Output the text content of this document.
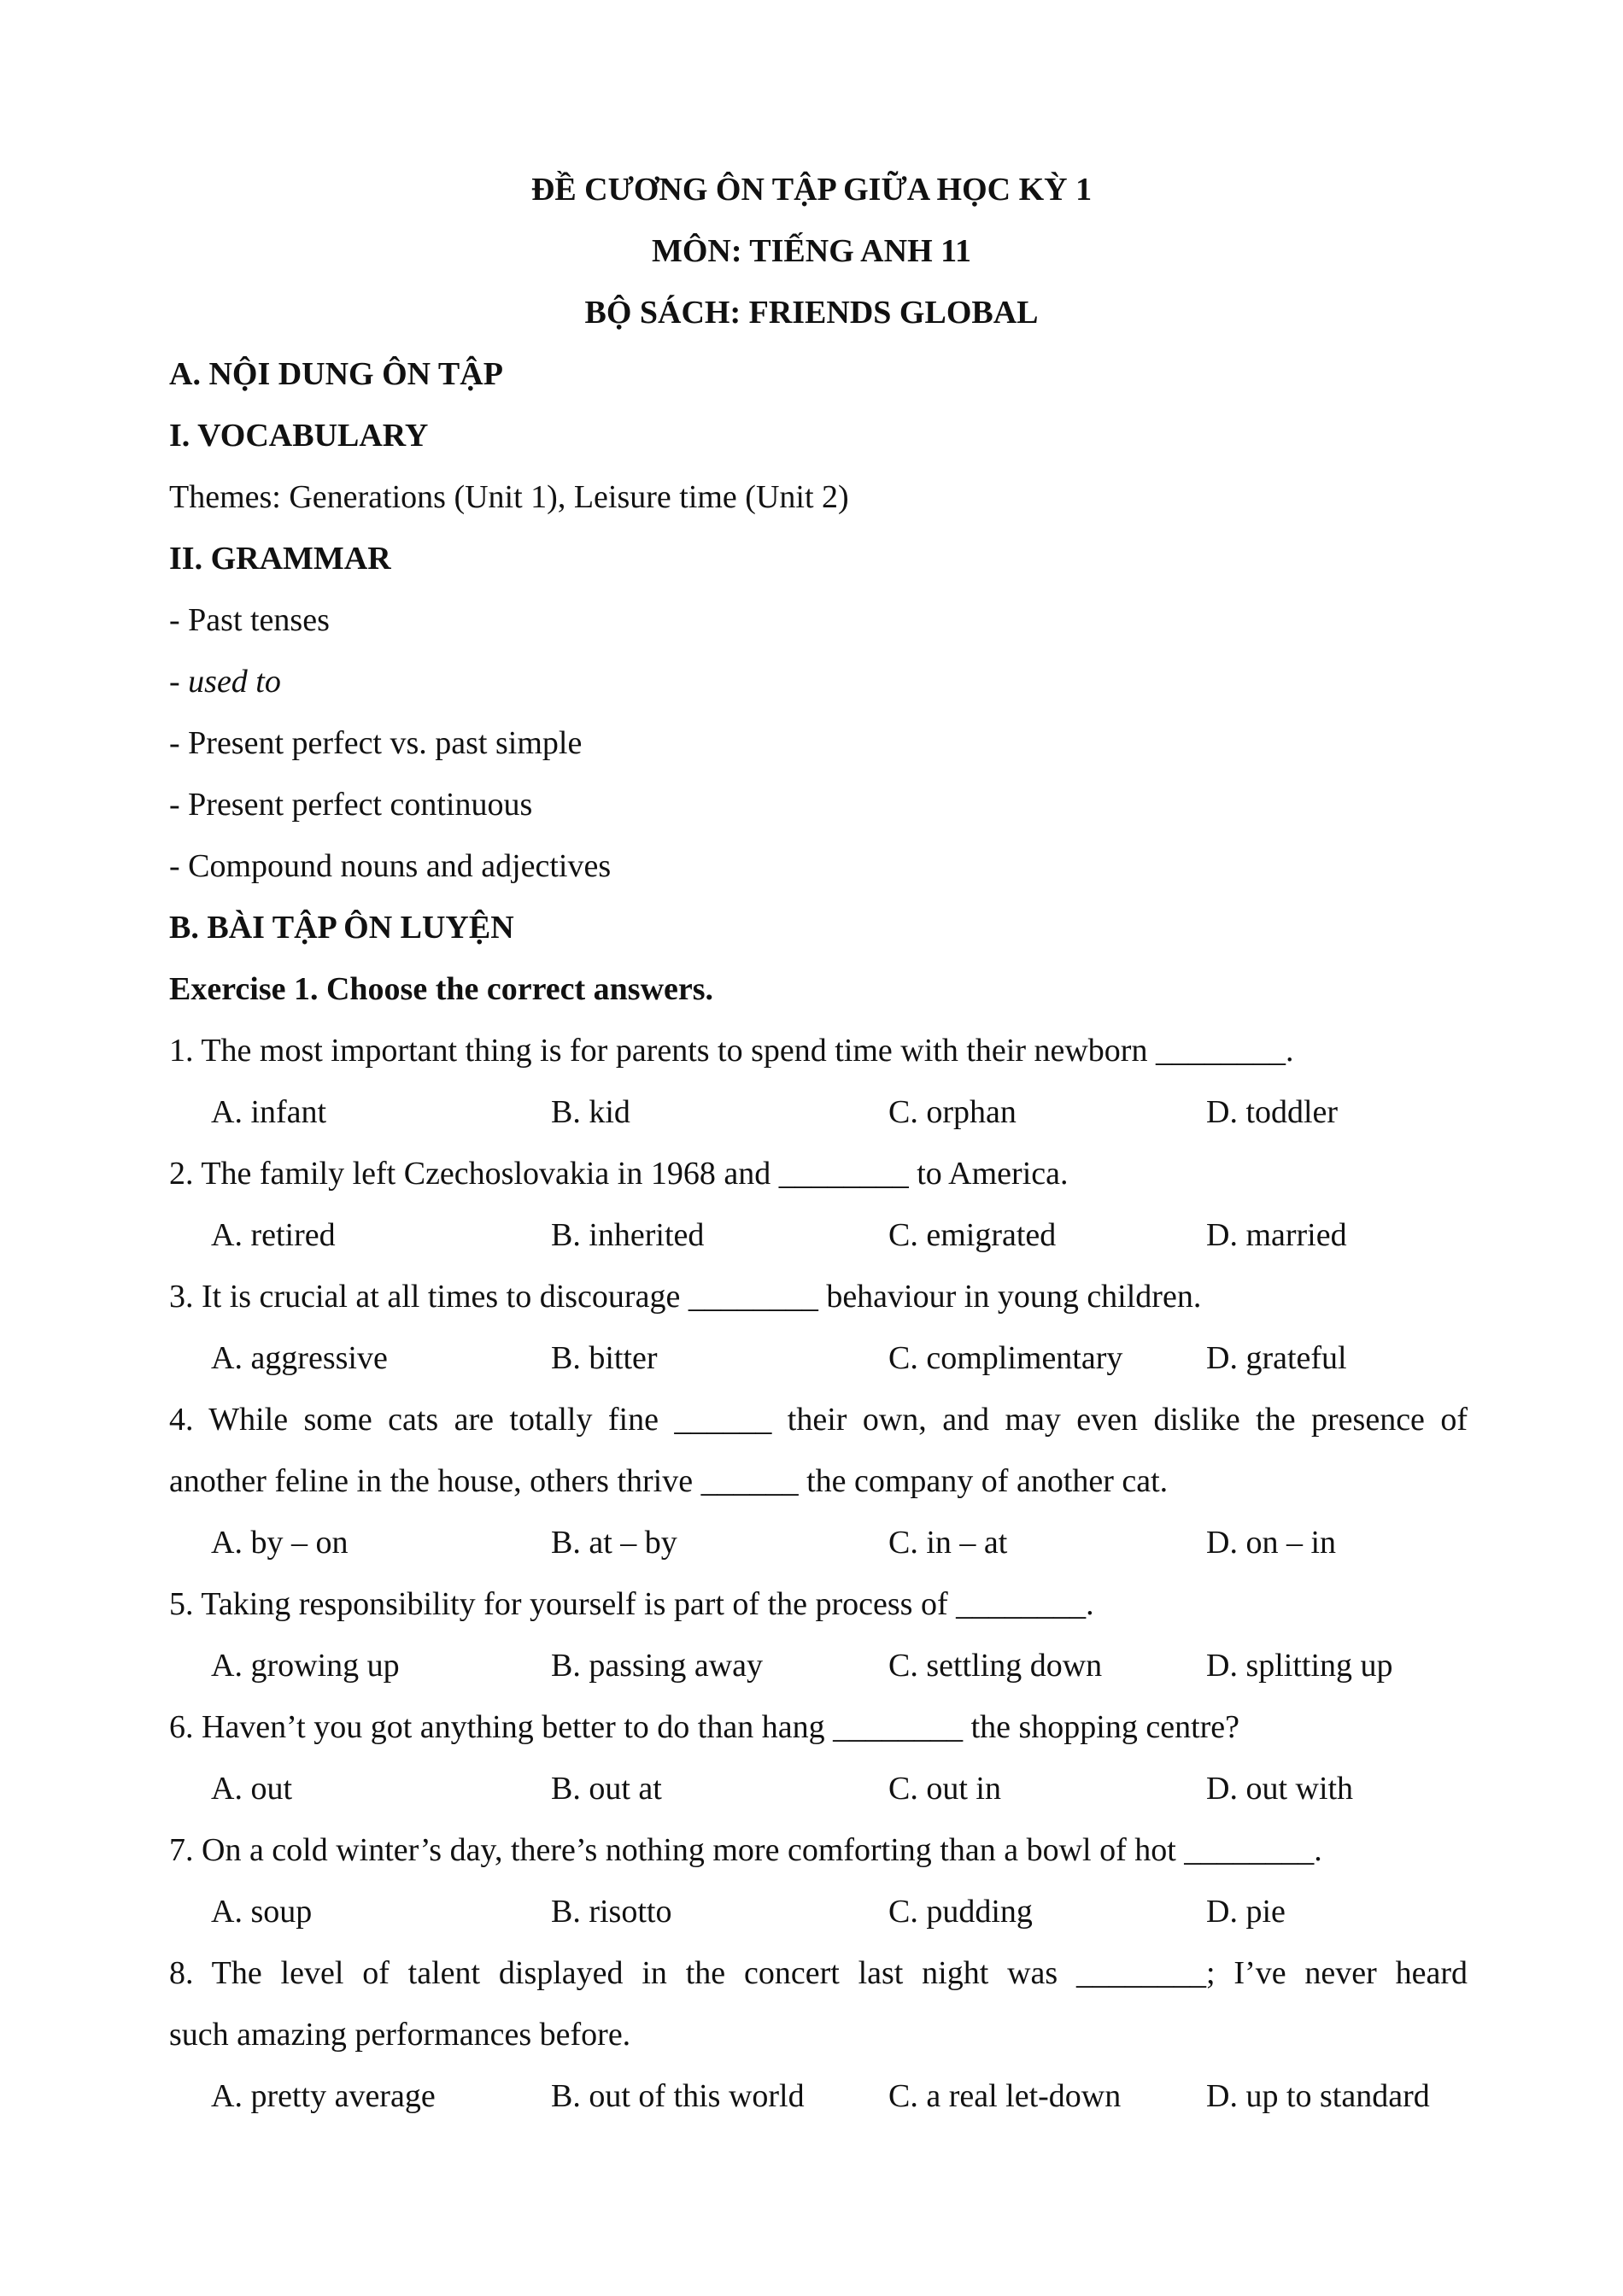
ĐỀ CƯƠNG ÔN TẬP GIỮA HỌC KỲ 1
MÔN: TIẾNG ANH 11
BỘ SÁCH: FRIENDS GLOBAL
A. NỘI DUNG ÔN TẬP
I. VOCABULARY
Themes: Generations (Unit 1), Leisure time (Unit 2)
II. GRAMMAR
- Past tenses
- used to
- Present perfect vs. past simple
- Present perfect continuous
- Compound nouns and adjectives
B. BÀI TẬP ÔN LUYỆN
Exercise 1. Choose the correct answers.
1. The most important thing is for parents to spend time with their newborn ________.
A. infant	B. kid	C. orphan	D. toddler
2. The family left Czechoslovakia in 1968 and ________ to America.
A. retired	B. inherited	C. emigrated	D. married
3. It is crucial at all times to discourage ________ behaviour in young children.
A. aggressive	B. bitter	C. complimentary	D. grateful
4. While some cats are totally fine ______ their own, and may even dislike the presence of
another feline in the house, others thrive ______ the company of another cat.
A. by – on	B. at – by	C. in – at	D. on – in
5. Taking responsibility for yourself is part of the process of ________.
A. growing up	B. passing away	C. settling down	D. splitting up
6. Haven’t you got anything better to do than hang ________ the shopping centre?
A. out	B. out at	C. out in	D. out with
7. On a cold winter’s day, there’s nothing more comforting than a bowl of hot ________.
A. soup	B. risotto	C. pudding	D. pie
8. The level of talent displayed in the concert last night was ________; I’ve never heard
such amazing performances before.
A. pretty average	B. out of this world	C. a real let-down	D. up to standard
